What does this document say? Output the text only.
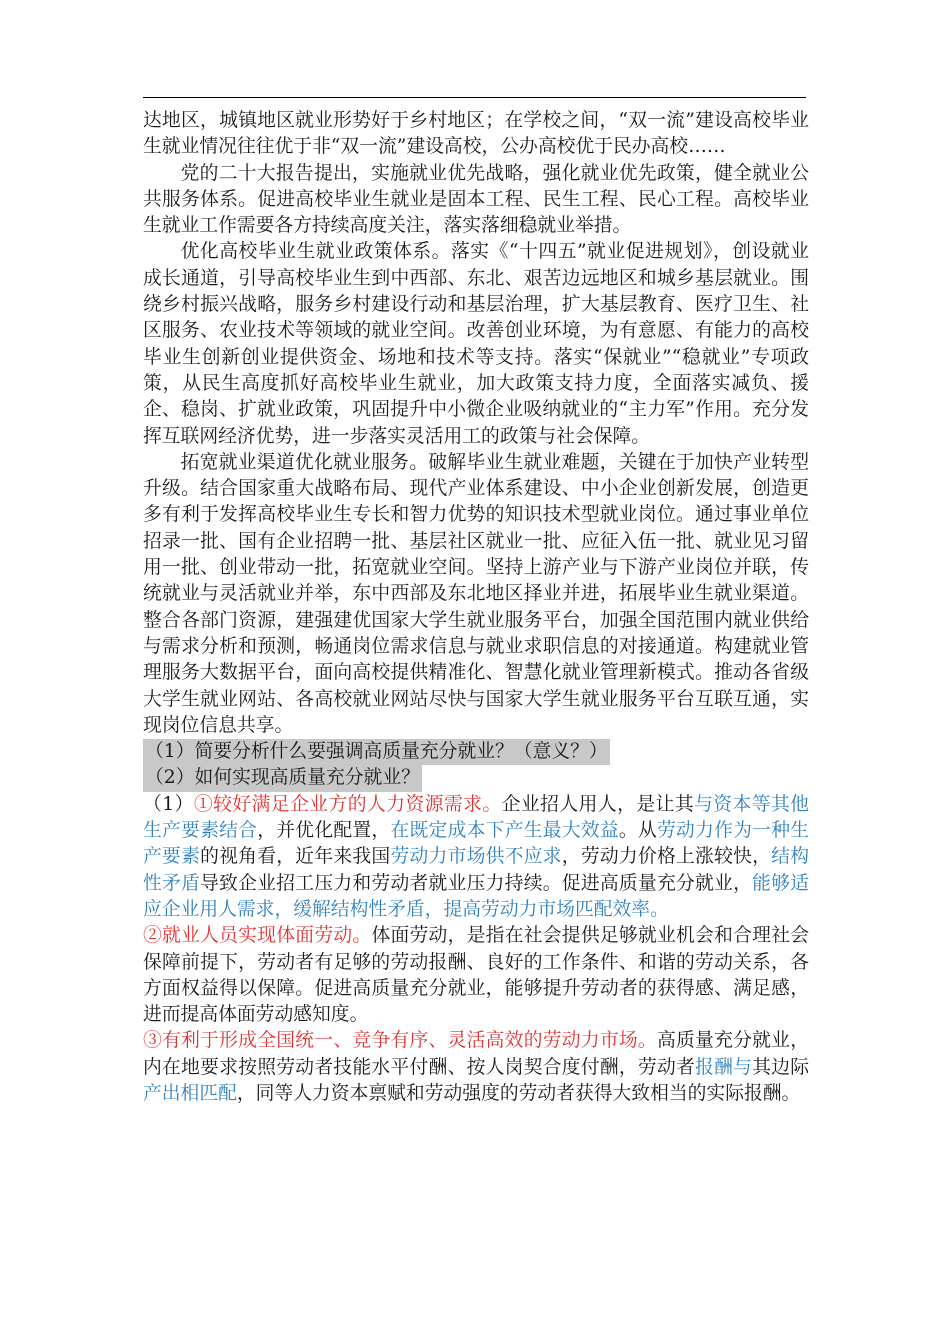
达地区，城镇地区就业形势好于乡村地区；在学校之间，“双一流”建设高校毕业生就业情况往往优于非“双一流”建设高校，公办高校优于民办高校……

党的二十大报告提出，实施就业优先战略，强化就业优先政策，健全就业公共服务体系。促进高校毕业生就业是固本工程、民生工程、民心工程。高校毕业生就业工作需要各方持续高度关注，落实落细稳就业举措。

优化高校毕业生就业政策体系。落实《“十四五”就业促进规划》，创设就业成长通道，引导高校毕业生到中西部、东北、艰苦边远地区和城乡基层就业。围绕乡村振兴战略，服务乡村建设行动和基层治理，扩大基层教育、医疗卫生、社区服务、农业技术等领域的就业空间。改善创业环境，为有意愿、有能力的高校毕业生创新创业提供资金、场地和技术等支持。落实“保就业”“稳就业”专项政策，从民生高度抓好高校毕业生就业，加大政策支持力度，全面落实减负、援企、稳岗、扩就业政策，巩固提升中小微企业吸纳就业的“主力军”作用。充分发挥互联网经济优势，进一步落实灵活用工的政策与社会保障。

拓宽就业渠道优化就业服务。破解毕业生就业难题，关键在于加快产业转型升级。结合国家重大战略布局、现代产业体系建设、中小企业创新发展，创造更多有利于发挥高校毕业生专长和智力优势的知识技术型就业岗位。通过事业单位招录一批、国有企业招聘一批、基层社区就业一批、应征入伍一批、就业见习留用一批、创业带动一批，拓宽就业空间。坚持上游产业与下游产业岗位并联，传统就业与灵活就业并举，东中西部及东北地区择业并进，拓展毕业生就业渠道。整合各部门资源，建强建优国家大学生就业服务平台，加强全国范围内就业供给与需求分析和预测，畅通岗位需求信息与就业求职信息的对接通道。构建就业管理服务大数据平台，面向高校提供精准化、智慧化就业管理新模式。推动各省级大学生就业网站、各高校就业网站尽快与国家大学生就业服务平台互联互通，实现岗位信息共享。

（1）简要分析什么要强调高质量充分就业？（意义？）

（2）如何实现高质量充分就业？

（1）①较好满足企业方的人力资源需求。企业招人用人，是让其与资本等其他生产要素结合，并优化配置，在既定成本下产生最大效益。从劳动力作为一种生产要素的视角看，近年来我国劳动力市场供不应求，劳动力价格上涨较快，结构性矛盾导致企业招工压力和劳动者就业压力持续。促进高质量充分就业，能够适应企业用人需求，缓解结构性矛盾，提高劳动力市场匹配效率。

②就业人员实现体面劳动。体面劳动，是指在社会提供足够就业机会和合理社会保障前提下，劳动者有足够的劳动报酬、良好的工作条件、和谐的劳动关系，各方面权益得以保障。促进高质量充分就业，能够提升劳动者的获得感、满足感，进而提高体面劳动感知度。

③有利于形成全国统一、竞争有序、灵活高效的劳动力市场。高质量充分就业，内在地要求按照劳动者技能水平付酬、按人岗契合度付酬，劳动者报酬与其边际产出相匹配，同等人力资本禀赋和劳动强度的劳动者获得大致相当的实际报酬。
